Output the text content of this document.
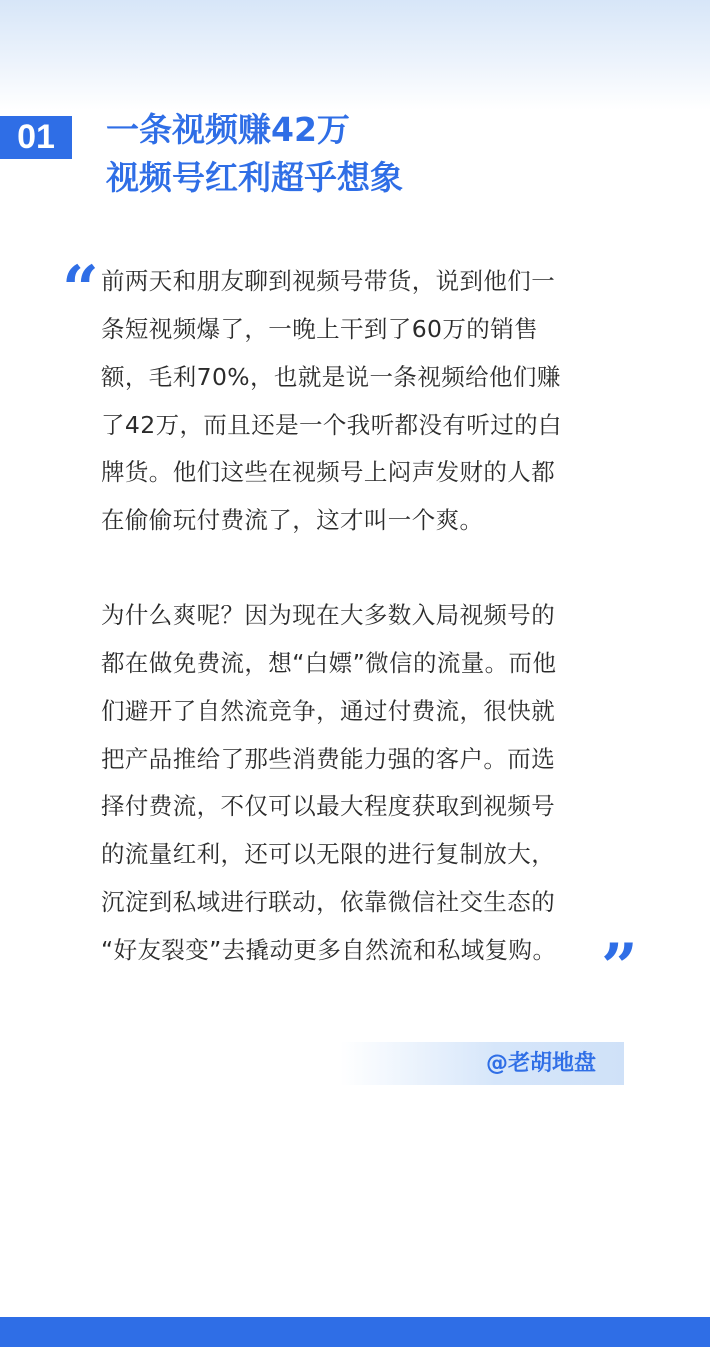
01	一条视频赚42万
视频号红利超乎想象
“ 前两天和朋友聊到视频号带货，说到他们一
条短视频爆了，一晚上干到了60万的销售
额，毛利70%，也就是说一条视频给他们赚
了42万，而且还是一个我听都没有听过的白
牌货。他们这些在视频号上闷声发财的人都
在偷偷玩付费流了，这才叫一个爽。
为什么爽呢？因为现在大多数入局视频号的
都在做免费流，想“白嫖”微信的流量。而他
们避开了自然流竞争，通过付费流，很快就
把产品推给了那些消费能力强的客户。而选
择付费流，不仅可以最大程度获取到视频号
的流量红利，还可以无限的进行复制放大，
沉淀到私域进行联动，依靠微信社交生态的
“好友裂变”去撬动更多自然流和私域复购。 ”
@老胡地盘
